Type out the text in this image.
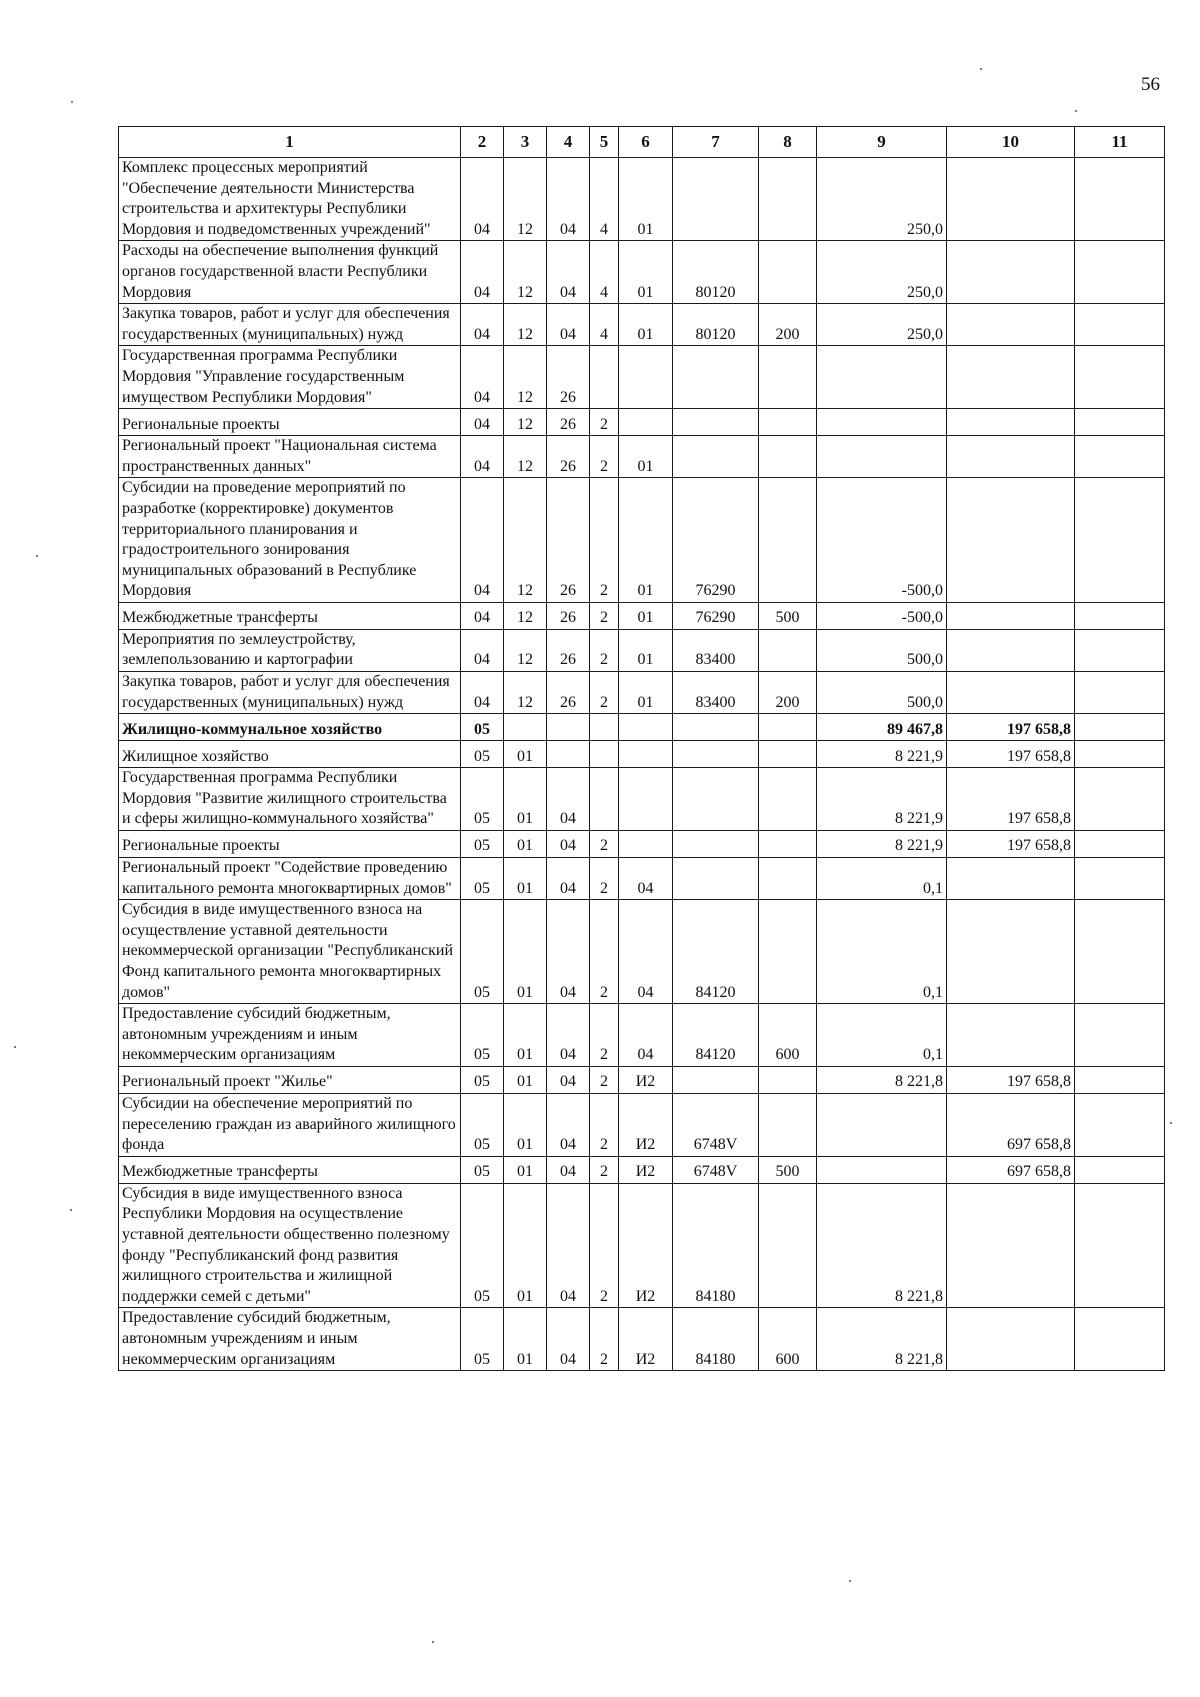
56
1	2	3	4	5	6	7	8	9	10	11
Комплекс процессных мероприятий "Обеспечение деятельности Министерства строительства и архитектуры Республики Мордовия и подведомственных учреждений"	04	12	04	4	01			250,0		
Расходы на обеспечение выполнения функций органов государственной власти Республики Мордовия	04	12	04	4	01	80120		250,0		
Закупка товаров, работ и услуг для обеспечения государственных (муниципальных) нужд	04	12	04	4	01	80120	200	250,0		
Государственная программа Республики Мордовия "Управление государственным имуществом Республики Мордовия"	04	12	26							
Региональные проекты	04	12	26	2						
Региональный проект "Национальная система пространственных данных"	04	12	26	2	01					
Субсидии на проведение мероприятий по разработке (корректировке) документов территориального планирования и градостроительного зонирования муниципальных образований в Республике Мордовия	04	12	26	2	01	76290		-500,0		
Межбюджетные трансферты	04	12	26	2	01	76290	500	-500,0		
Мероприятия по землеустройству, землепользованию и картографии	04	12	26	2	01	83400		500,0		
Закупка товаров, работ и услуг для обеспечения государственных (муниципальных) нужд	04	12	26	2	01	83400	200	500,0		
Жилищно-коммунальное хозяйство	05							89 467,8	197 658,8	
Жилищное хозяйство	05	01						8 221,9	197 658,8	
Государственная программа Республики Мордовия "Развитие жилищного строительства и сферы жилищно-коммунального хозяйства"	05	01	04					8 221,9	197 658,8	
Региональные проекты	05	01	04	2				8 221,9	197 658,8	
Региональный проект "Содействие проведению капитального ремонта многоквартирных домов"	05	01	04	2	04			0,1		
Субсидия в виде имущественного взноса на осуществление уставной деятельности некоммерческой организации "Республиканский Фонд капитального ремонта многоквартирных домов"	05	01	04	2	04	84120		0,1		
Предоставление субсидий бюджетным, автономным учреждениям и иным некоммерческим организациям	05	01	04	2	04	84120	600	0,1		
Региональный проект "Жилье"	05	01	04	2	И2			8 221,8	197 658,8	
Субсидии на обеспечение мероприятий по переселению граждан из аварийного жилищного фонда	05	01	04	2	И2	6748V			697 658,8	
Межбюджетные трансферты	05	01	04	2	И2	6748V	500		697 658,8	
Субсидия в виде имущественного взноса Республики Мордовия на осуществление уставной деятельности общественно полезному фонду "Республиканский фонд развития жилищного строительства и жилищной поддержки семей с детьми"	05	01	04	2	И2	84180		8 221,8		
Предоставление субсидий бюджетным, автономным учреждениям и иным некоммерческим организациям	05	01	04	2	И2	84180	600	8 221,8		
